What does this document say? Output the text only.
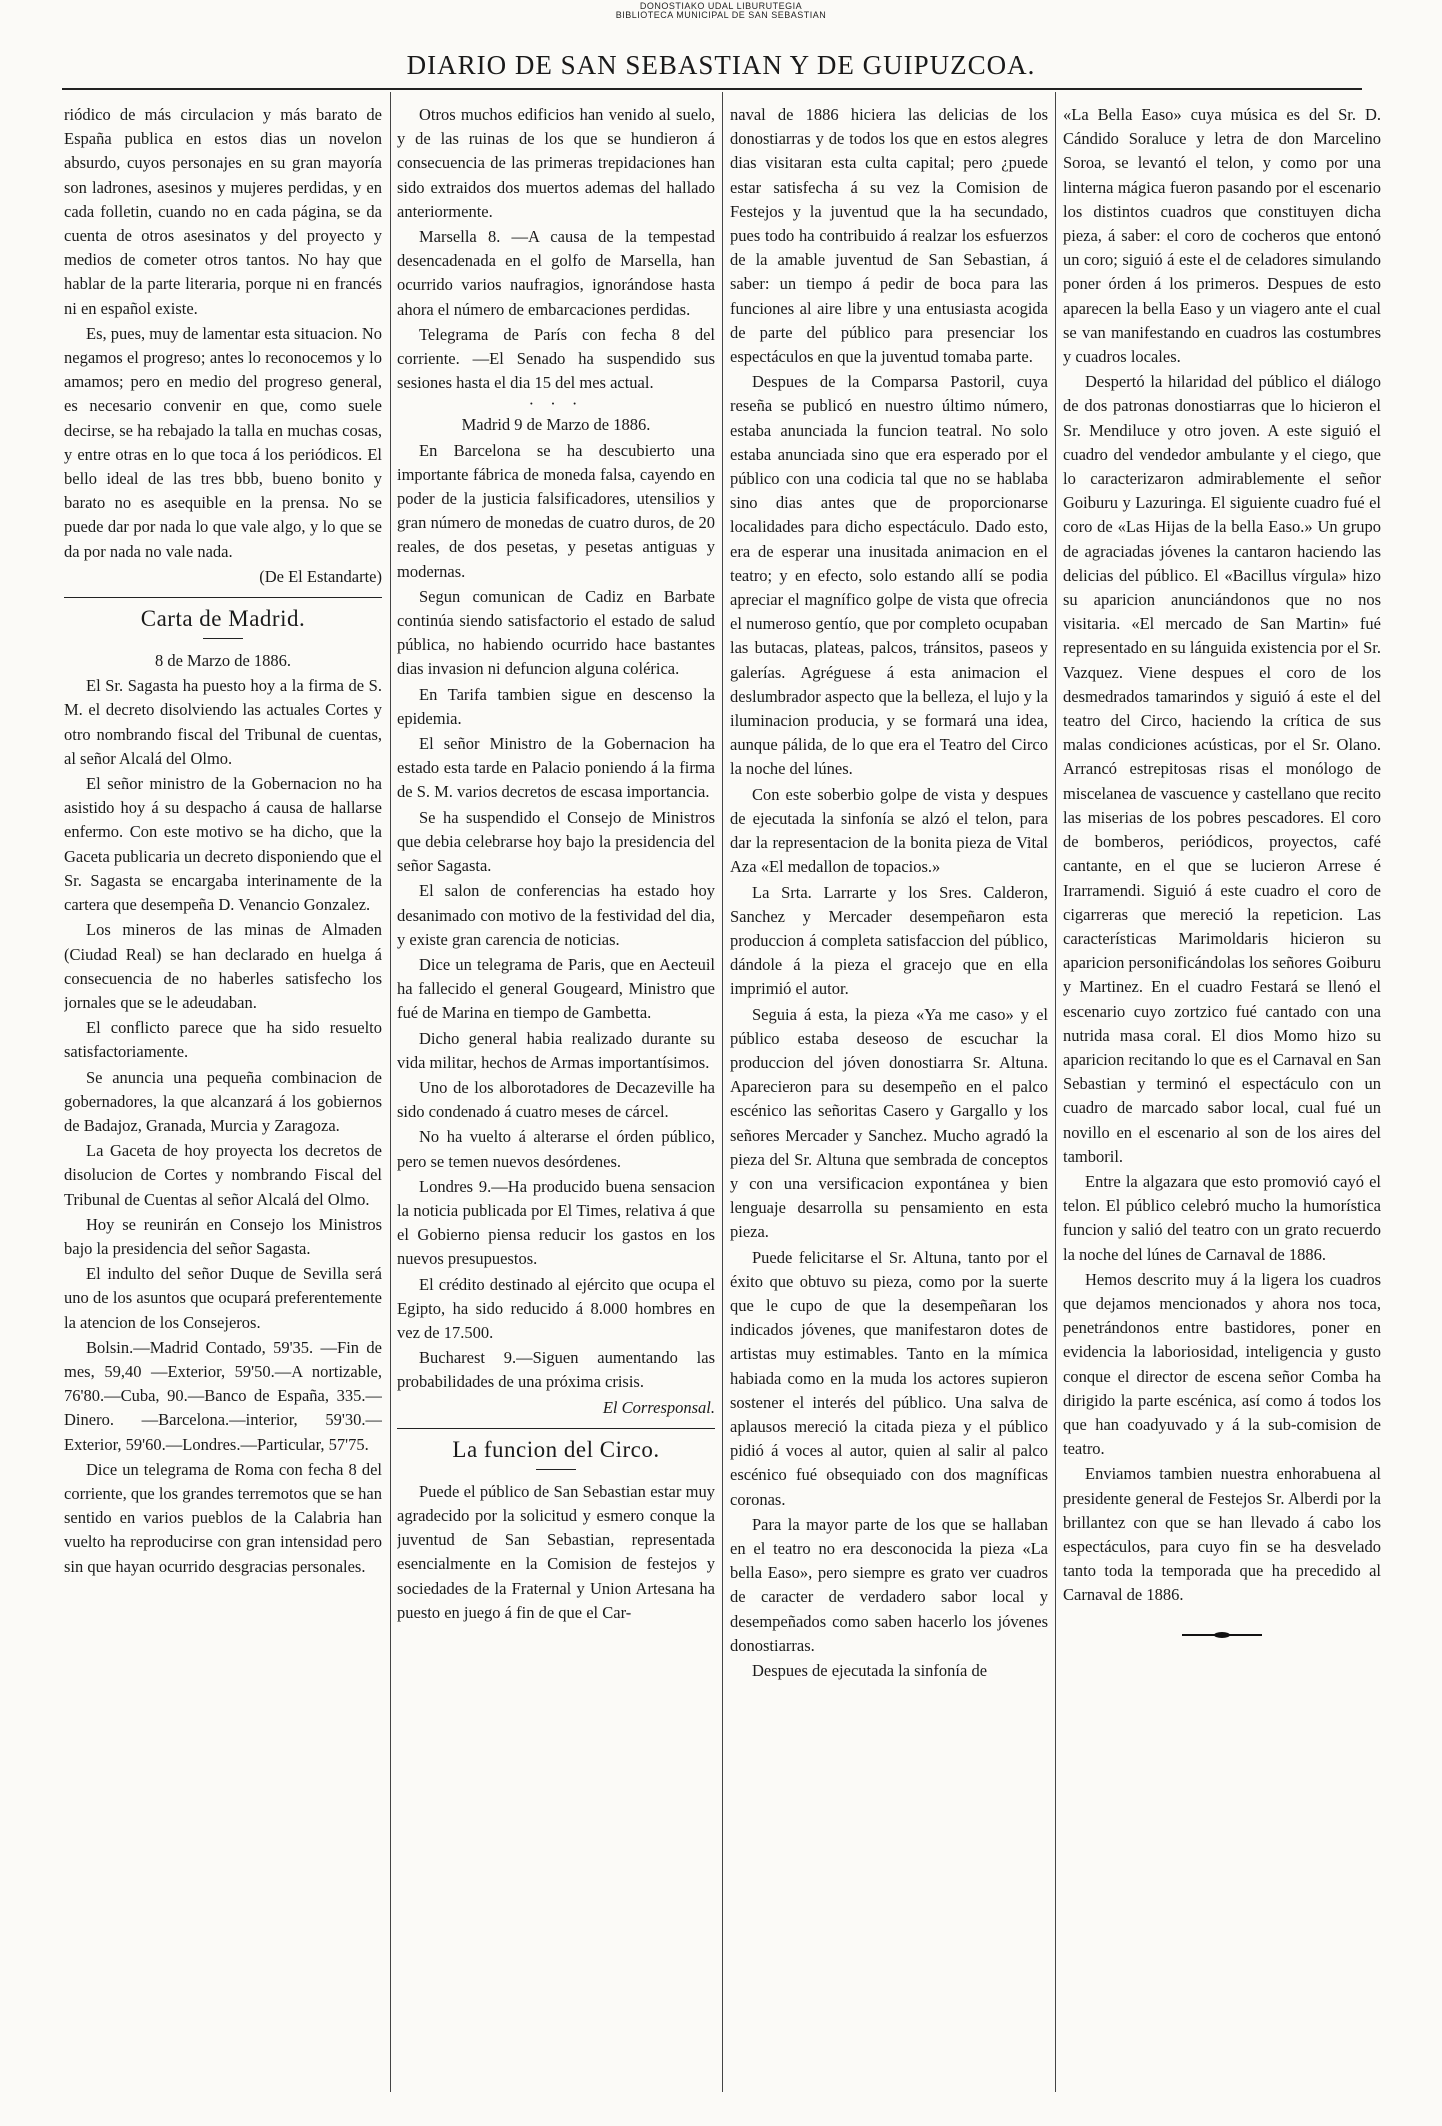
DONOSTIAKO UDAL LIBURUTEGIA
BIBLIOTECA MUNICIPAL DE SAN SEBASTIAN
DIARIO DE SAN SEBASTIAN Y DE GUIPUZCOA.

riódico de más circulacion y más barato de España publica en estos dias un novelon absurdo, cuyos personajes en su gran mayoría son ladrones, asesinos y mujeres perdidas, y en cada folletin, cuando no en cada página, se da cuenta de otros asesinatos y del proyecto y medios de cometer otros tantos. No hay que hablar de la parte literaria, porque ni en francés ni en español existe.

Es, pues, muy de lamentar esta situacion. No negamos el progreso; antes lo reconocemos y lo amamos; pero en medio del progreso general, es necesario convenir en que, como suele decirse, se ha rebajado la talla en muchas cosas, y entre otras en lo que toca á los periódicos. El bello ideal de las tres bbb, bueno bonito y barato no es asequible en la prensa. No se puede dar por nada lo que vale algo, y lo que se da por nada no vale nada.

(De El Estandarte)

Carta de Madrid.

8 de Marzo de 1886.

El Sr. Sagasta ha puesto hoy a la firma de S. M. el decreto disolviendo las actuales Cortes y otro nombrando fiscal del Tribunal de cuentas, al señor Alcalá del Olmo.

El señor ministro de la Gobernacion no ha asistido hoy á su despacho á causa de hallarse enfermo. Con este motivo se ha dicho, que la Gaceta publicaria un decreto disponiendo que el Sr. Sagasta se encargaba interinamente de la cartera que desempeña D. Venancio Gonzalez.

Los mineros de las minas de Almaden (Ciudad Real) se han declarado en huelga á consecuencia de no haberles satisfecho los jornales que se le adeudaban.

El conflicto parece que ha sido resuelto satisfactoriamente.

Se anuncia una pequeña combinacion de gobernadores, la que alcanzará á los gobiernos de Badajoz, Granada, Murcia y Zaragoza.

La Gaceta de hoy proyecta los decretos de disolucion de Cortes y nombrando Fiscal del Tribunal de Cuentas al señor Alcalá del Olmo.

Hoy se reunirán en Consejo los Ministros bajo la presidencia del señor Sagasta.

El indulto del señor Duque de Sevilla será uno de los asuntos que ocupará preferentemente la atencion de los Consejeros.

Bolsin.—Madrid Contado, 59'35. —Fin de mes, 59,40 —Exterior, 59'50.—A nortizable, 76'80.—Cuba, 90.—Banco de España, 335.—Dinero. —Barcelona.—interior, 59'30.—Exterior, 59'60.—Londres.—Particular, 57'75.

Dice un telegrama de Roma con fecha 8 del corriente, que los grandes terremotos que se han sentido en varios pueblos de la Calabria han vuelto ha reproducirse con gran intensidad pero sin que hayan ocurrido desgracias personales.

Otros muchos edificios han venido al suelo, y de las ruinas de los que se hundieron á consecuencia de las primeras trepidaciones han sido extraidos dos muertos ademas del hallado anteriormente.

Marsella 8. —A causa de la tempestad desencadenada en el golfo de Marsella, han ocurrido varios naufragios, ignorándose hasta ahora el número de embarcaciones perdidas.

Telegrama de París con fecha 8 del corriente. —El Senado ha suspendido sus sesiones hasta el dia 15 del mes actual.

· · ·

Madrid 9 de Marzo de 1886.

En Barcelona se ha descubierto una importante fábrica de moneda falsa, cayendo en poder de la justicia falsificadores, utensilios y gran número de monedas de cuatro duros, de 20 reales, de dos pesetas, y pesetas antiguas y modernas.

Segun comunican de Cadiz en Barbate continúa siendo satisfactorio el estado de salud pública, no habiendo ocurrido hace bastantes dias invasion ni defuncion alguna colérica.

En Tarifa tambien sigue en descenso la epidemia.

El señor Ministro de la Gobernacion ha estado esta tarde en Palacio poniendo á la firma de S. M. varios decretos de escasa importancia.

Se ha suspendido el Consejo de Ministros que debia celebrarse hoy bajo la presidencia del señor Sagasta.

El salon de conferencias ha estado hoy desanimado con motivo de la festividad del dia, y existe gran carencia de noticias.

Dice un telegrama de Paris, que en Aecteuil ha fallecido el general Gougeard, Ministro que fué de Marina en tiempo de Gambetta.

Dicho general habia realizado durante su vida militar, hechos de Armas importantísimos.

Uno de los alborotadores de Decazeville ha sido condenado á cuatro meses de cárcel.

No ha vuelto á alterarse el órden público, pero se temen nuevos desórdenes.

Londres 9.—Ha producido buena sensacion la noticia publicada por El Times, relativa á que el Gobierno piensa reducir los gastos en los nuevos presupuestos.

El crédito destinado al ejército que ocupa el Egipto, ha sido reducido á 8.000 hombres en vez de 17.500.

Bucharest 9.—Siguen aumentando las probabilidades de una próxima crisis.

El Corresponsal.

La funcion del Circo.

Puede el público de San Sebastian estar muy agradecido por la solicitud y esmero conque la juventud de San Sebastian, representada esencialmente en la Comision de festejos y sociedades de la Fraternal y Union Artesana ha puesto en juego á fin de que el Car-

naval de 1886 hiciera las delicias de los donostiarras y de todos los que en estos alegres dias visitaran esta culta capital; pero ¿puede estar satisfecha á su vez la Comision de Festejos y la juventud que la ha secundado, pues todo ha contribuido á realzar los esfuerzos de la amable juventud de San Sebastian, á saber: un tiempo á pedir de boca para las funciones al aire libre y una entusiasta acogida de parte del público para presenciar los espectáculos en que la juventud tomaba parte.

Despues de la Comparsa Pastoril, cuya reseña se publicó en nuestro último número, estaba anunciada la funcion teatral. No solo estaba anunciada sino que era esperado por el público con una codicia tal que no se hablaba sino dias antes que de proporcionarse localidades para dicho espectáculo. Dado esto, era de esperar una inusitada animacion en el teatro; y en efecto, solo estando allí se podia apreciar el magnífico golpe de vista que ofrecia el numeroso gentío, que por completo ocupaban las butacas, plateas, palcos, tránsitos, paseos y galerías. Agréguese á esta animacion el deslumbrador aspecto que la belleza, el lujo y la iluminacion producia, y se formará una idea, aunque pálida, de lo que era el Teatro del Circo la noche del lúnes.

Con este soberbio golpe de vista y despues de ejecutada la sinfonía se alzó el telon, para dar la representacion de la bonita pieza de Vital Aza «El medallon de topacios.»

La Srta. Larrarte y los Sres. Calderon, Sanchez y Mercader desempeñaron esta produccion á completa satisfaccion del público, dándole á la pieza el gracejo que en ella imprimió el autor.

Seguia á esta, la pieza «Ya me caso» y el público estaba deseoso de escuchar la produccion del jóven donostiarra Sr. Altuna. Aparecieron para su desempeño en el palco escénico las señoritas Casero y Gargallo y los señores Mercader y Sanchez. Mucho agradó la pieza del Sr. Altuna que sembrada de conceptos y con una versificacion expontánea y bien lenguaje desarrolla su pensamiento en esta pieza.

Puede felicitarse el Sr. Altuna, tanto por el éxito que obtuvo su pieza, como por la suerte que le cupo de que la desempeñaran los indicados jóvenes, que manifestaron dotes de artistas muy estimables. Tanto en la mímica habiada como en la muda los actores supieron sostener el interés del público. Una salva de aplausos mereció la citada pieza y el público pidió á voces al autor, quien al salir al palco escénico fué obsequiado con dos magníficas coronas.

Para la mayor parte de los que se hallaban en el teatro no era desconocida la pieza «La bella Easo», pero siempre es grato ver cuadros de caracter de verdadero sabor local y desempeñados como saben hacerlo los jóvenes donostiarras.

Despues de ejecutada la sinfonía de

«La Bella Easo» cuya música es del Sr. D. Cándido Soraluce y letra de don Marcelino Soroa, se levantó el telon, y como por una linterna mágica fueron pasando por el escenario los distintos cuadros que constituyen dicha pieza, á saber: el coro de cocheros que entonó un coro; siguió á este el de celadores simulando poner órden á los primeros. Despues de esto aparecen la bella Easo y un viagero ante el cual se van manifestando en cuadros las costumbres y cuadros locales.

Despertó la hilaridad del público el diálogo de dos patronas donostiarras que lo hicieron el Sr. Mendiluce y otro joven. A este siguió el cuadro del vendedor ambulante y el ciego, que lo caracterizaron admirablemente el señor Goiburu y Lazuringa. El siguiente cuadro fué el coro de «Las Hijas de la bella Easo.» Un grupo de agraciadas jóvenes la cantaron haciendo las delicias del público. El «Bacillus vírgula» hizo su aparicion anunciándonos que no nos visitaria. «El mercado de San Martin» fué representado en su lánguida existencia por el Sr. Vazquez. Viene despues el coro de los desmedrados tamarindos y siguió á este el del teatro del Circo, haciendo la crítica de sus malas condiciones acústicas, por el Sr. Olano. Arrancó estrepitosas risas el monólogo de miscelanea de vascuence y castellano que recito las miserias de los pobres pescadores. El coro de bomberos, periódicos, proyectos, café cantante, en el que se lucieron Arrese é Irarramendi. Siguió á este cuadro el coro de cigarreras que mereció la repeticion. Las características Marimoldaris hicieron su aparicion personificándolas los señores Goiburu y Martinez. En el cuadro Festará se llenó el escenario cuyo zortzico fué cantado con una nutrida masa coral. El dios Momo hizo su aparicion recitando lo que es el Carnaval en San Sebastian y terminó el espectáculo con un cuadro de marcado sabor local, cual fué un novillo en el escenario al son de los aires del tamboril.

Entre la algazara que esto promovió cayó el telon. El público celebró mucho la humorística funcion y salió del teatro con un grato recuerdo la noche del lúnes de Carnaval de 1886.

Hemos descrito muy á la ligera los cuadros que dejamos mencionados y ahora nos toca, penetrándonos entre bastidores, poner en evidencia la laboriosidad, inteligencia y gusto conque el director de escena señor Comba ha dirigido la parte escénica, así como á todos los que han coadyuvado y á la sub-comision de teatro.

Enviamos tambien nuestra enhorabuena al presidente general de Festejos Sr. Alberdi por la brillantez con que se han llevado á cabo los espectáculos, para cuyo fin se ha desvelado tanto toda la temporada que ha precedido al Carnaval de 1886.
